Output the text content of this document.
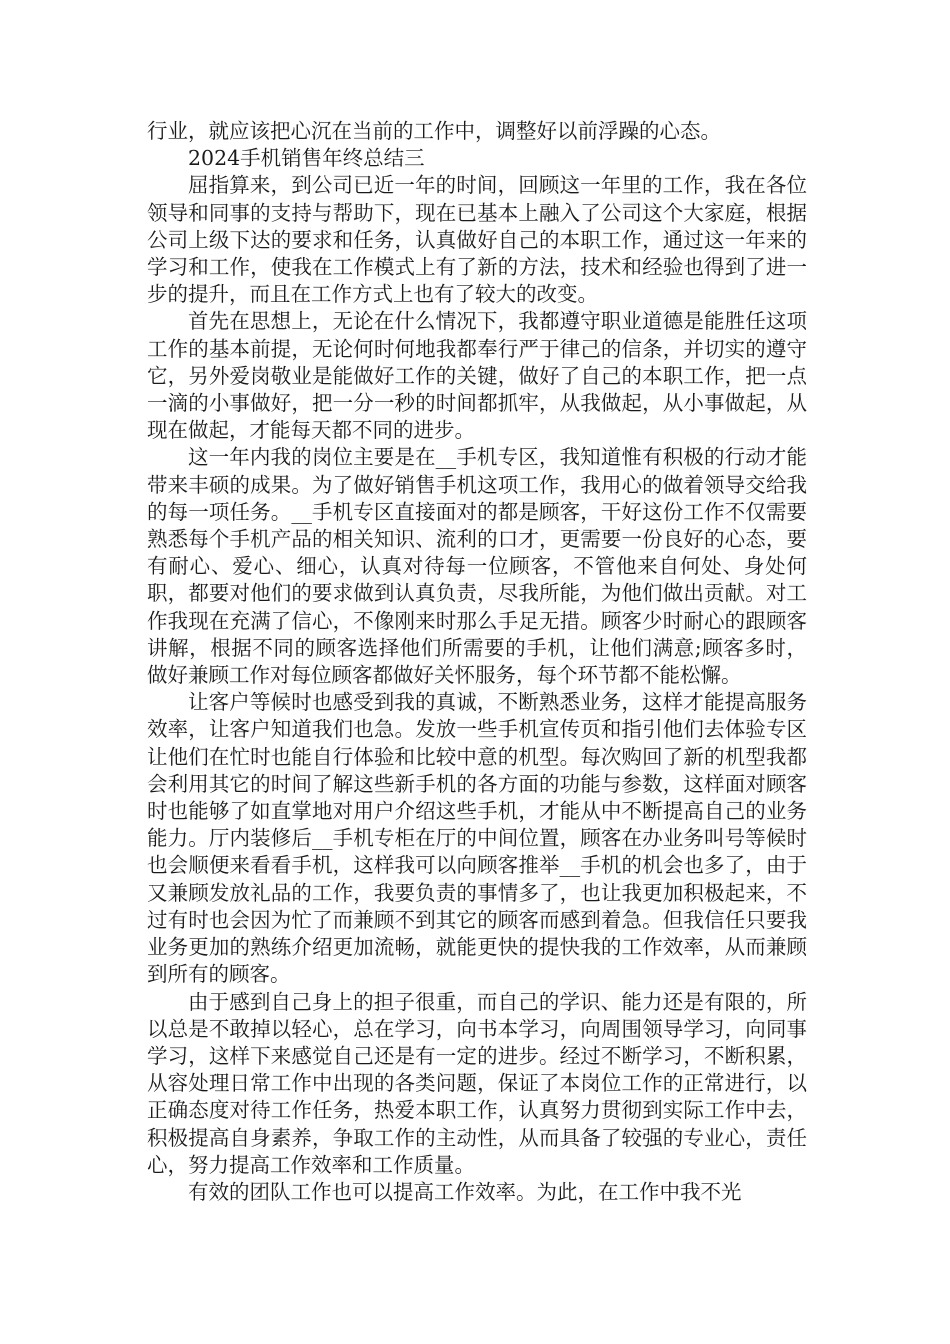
行业，就应该把心沉在当前的工作中，调整好以前浮躁的心态。

2024手机销售年终总结三

屈指算来，到公司已近一年的时间，回顾这一年里的工作，我在各位领导和同事的支持与帮助下，现在已基本上融入了公司这个大家庭，根据公司上级下达的要求和任务，认真做好自己的本职工作，通过这一年来的学习和工作，使我在工作模式上有了新的方法，技术和经验也得到了进一步的提升，而且在工作方式上也有了较大的改变。

首先在思想上，无论在什么情况下，我都遵守职业道德是能胜任这项工作的基本前提，无论何时何地我都奉行严于律己的信条，并切实的遵守它，另外爱岗敬业是能做好工作的关键，做好了自己的本职工作，把一点一滴的小事做好，把一分一秒的时间都抓牢，从我做起，从小事做起，从现在做起，才能每天都不同的进步。

这一年内我的岗位主要是在__手机专区，我知道惟有积极的行动才能带来丰硕的成果。为了做好销售手机这项工作，我用心的做着领导交给我的每一项任务。__手机专区直接面对的都是顾客，干好这份工作不仅需要熟悉每个手机产品的相关知识、流利的口才，更需要一份良好的心态，要有耐心、爱心、细心，认真对待每一位顾客，不管他来自何处、身处何职，都要对他们的要求做到认真负责，尽我所能，为他们做出贡献。对工作我现在充满了信心，不像刚来时那么手足无措。顾客少时耐心的跟顾客讲解，根据不同的顾客选择他们所需要的手机，让他们满意;顾客多时，做好兼顾工作对每位顾客都做好关怀服务，每个环节都不能松懈。

让客户等候时也感受到我的真诚，不断熟悉业务，这样才能提高服务效率，让客户知道我们也急。发放一些手机宣传页和指引他们去体验专区让他们在忙时也能自行体验和比较中意的机型。每次购回了新的机型我都会利用其它的时间了解这些新手机的各方面的功能与参数，这样面对顾客时也能够了如直掌地对用户介绍这些手机，才能从中不断提高自己的业务能力。厅内装修后__手机专柜在厅的中间位置，顾客在办业务叫号等候时也会顺便来看看手机，这样我可以向顾客推举__手机的机会也多了，由于又兼顾发放礼品的工作，我要负责的事情多了，也让我更加积极起来，不过有时也会因为忙了而兼顾不到其它的顾客而感到着急。但我信任只要我业务更加的熟练介绍更加流畅，就能更快的提快我的工作效率，从而兼顾到所有的顾客。

由于感到自己身上的担子很重，而自己的学识、能力还是有限的，所以总是不敢掉以轻心，总在学习，向书本学习，向周围领导学习，向同事学习，这样下来感觉自己还是有一定的进步。经过不断学习，不断积累，从容处理日常工作中出现的各类问题，保证了本岗位工作的正常进行，以正确态度对待工作任务，热爱本职工作，认真努力贯彻到实际工作中去，积极提高自身素养，争取工作的主动性，从而具备了较强的专业心，责任心，努力提高工作效率和工作质量。

有效的团队工作也可以提高工作效率。为此，在工作中我不光
